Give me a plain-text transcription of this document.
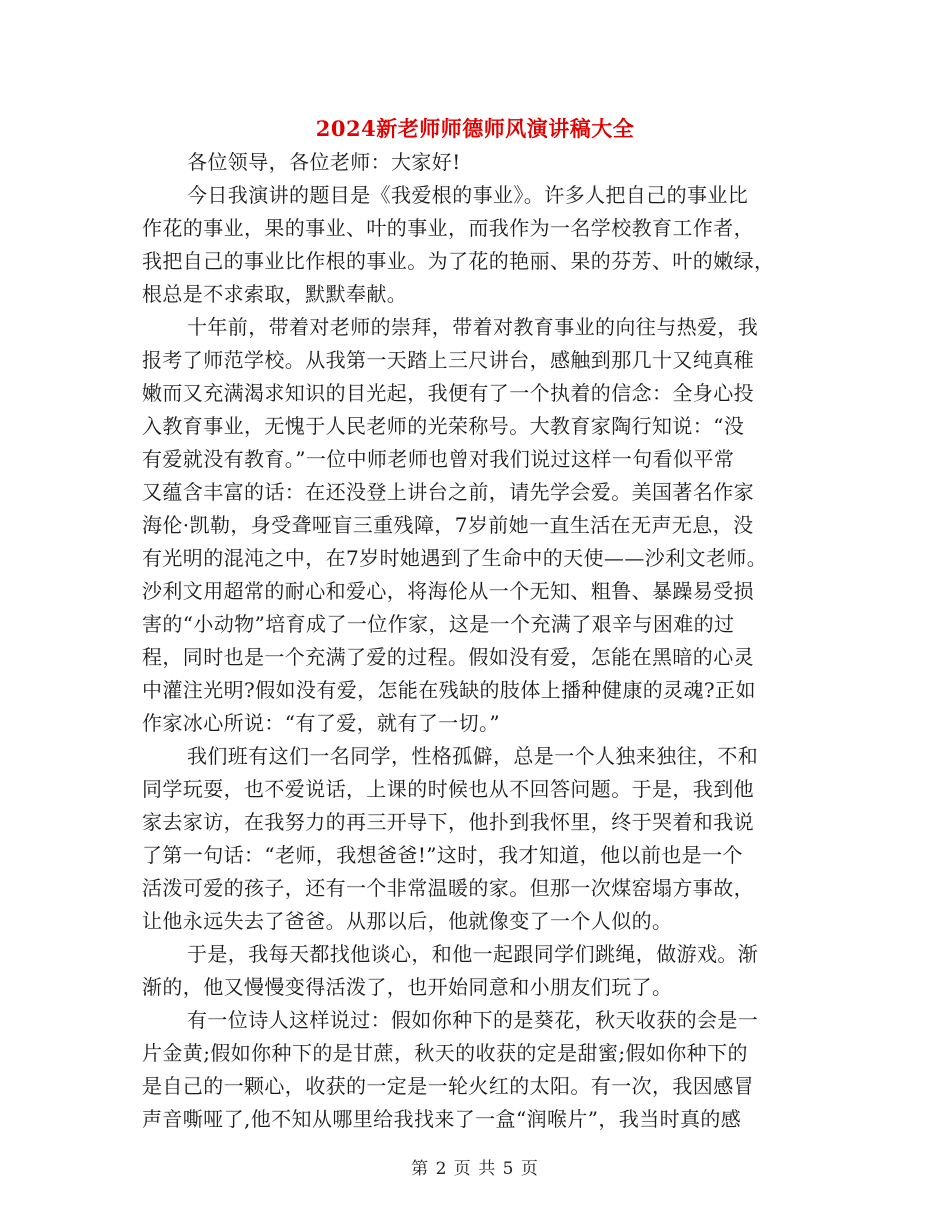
2024新老师师德师风演讲稿大全
各位领导，各位老师：大家好!
今日我演讲的题目是《我爱根的事业》。许多人把自己的事业比
作花的事业，果的事业、叶的事业，而我作为一名学校教育工作者，
我把自己的事业比作根的事业。为了花的艳丽、果的芬芳、叶的嫩绿，
根总是不求索取，默默奉献。
十年前，带着对老师的崇拜，带着对教育事业的向往与热爱，我
报考了师范学校。从我第一天踏上三尺讲台，感触到那几十又纯真稚
嫩而又充满渴求知识的目光起，我便有了一个执着的信念：全身心投
入教育事业，无愧于人民老师的光荣称号。大教育家陶行知说：“没
有爱就没有教育。”一位中师老师也曾对我们说过这样一句看似平常
又蕴含丰富的话：在还没登上讲台之前，请先学会爱。美国著名作家
海伦·凯勒，身受聋哑盲三重残障，7岁前她一直生活在无声无息，没
有光明的混沌之中，在7岁时她遇到了生命中的天使——沙利文老师。
沙利文用超常的耐心和爱心，将海伦从一个无知、粗鲁、暴躁易受损
害的“小动物”培育成了一位作家，这是一个充满了艰辛与困难的过
程，同时也是一个充满了爱的过程。假如没有爱，怎能在黑暗的心灵
中灌注光明?假如没有爱，怎能在残缺的肢体上播种健康的灵魂?正如
作家冰心所说：“有了爱，就有了一切。”
我们班有这们一名同学，性格孤僻，总是一个人独来独往，不和
同学玩耍，也不爱说话，上课的时候也从不回答问题。于是，我到他
家去家访，在我努力的再三开导下，他扑到我怀里，终于哭着和我说
了第一句话：“老师，我想爸爸!”这时，我才知道，他以前也是一个
活泼可爱的孩子，还有一个非常温暖的家。但那一次煤窑塌方事故，
让他永远失去了爸爸。从那以后，他就像变了一个人似的。
于是，我每天都找他谈心，和他一起跟同学们跳绳，做游戏。渐
渐的，他又慢慢变得活泼了，也开始同意和小朋友们玩了。
有一位诗人这样说过：假如你种下的是葵花，秋天收获的会是一
片金黄;假如你种下的是甘蔗，秋天的收获的定是甜蜜;假如你种下的
是自己的一颗心，收获的一定是一轮火红的太阳。有一次，我因感冒
声音嘶哑了,他不知从哪里给我找来了一盒“润喉片”，我当时真的感
第 2 页 共 5 页
